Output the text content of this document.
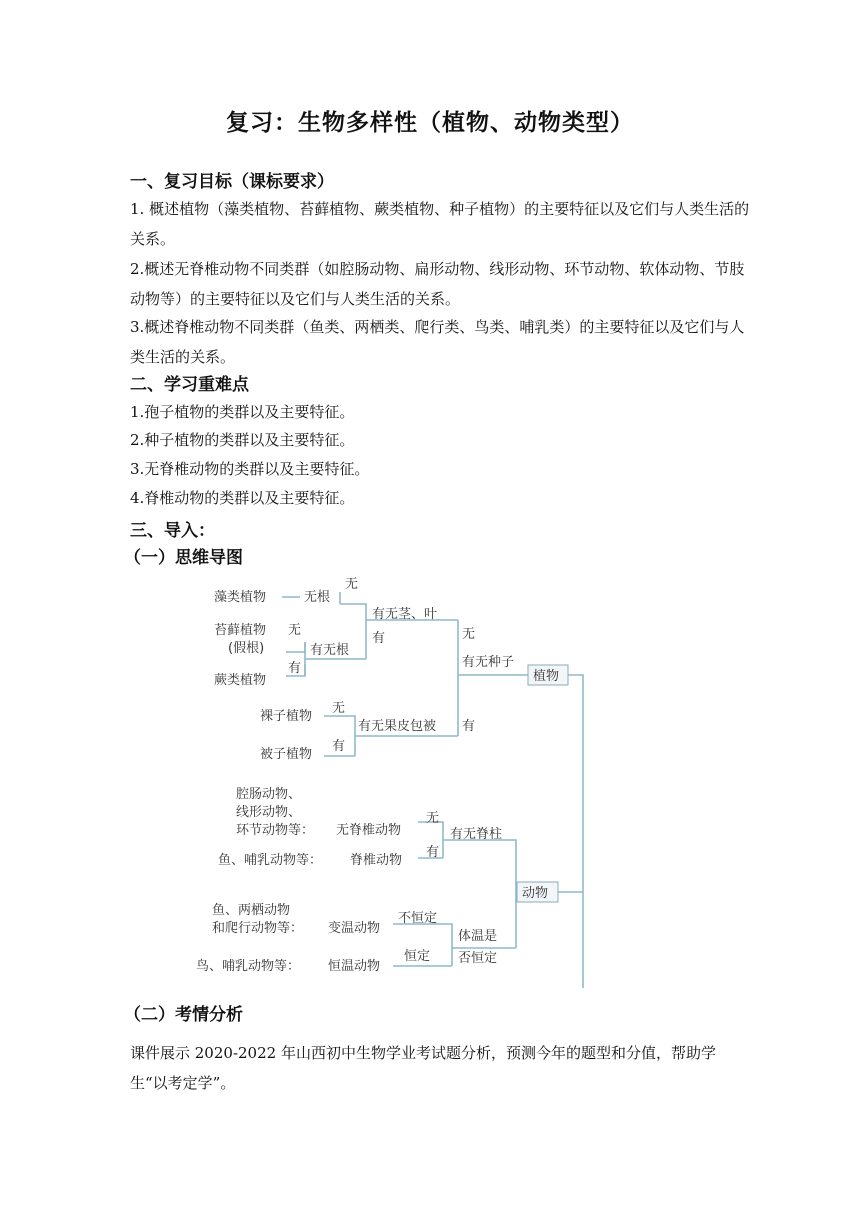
复习：生物多样性（植物、动物类型）
一、复习目标（课标要求）
1. 概述植物（藻类植物、苔藓植物、蕨类植物、种子植物）的主要特征以及它们与人类生活的关系。
2.概述无脊椎动物不同类群（如腔肠动物、扁形动物、线形动物、环节动物、软体动物、节肢动物等）的主要特征以及它们与人类生活的关系。
3.概述脊椎动物不同类群（鱼类、两栖类、爬行类、鸟类、哺乳类）的主要特征以及它们与人类生活的关系。
二、学习重难点
1.孢子植物的类群以及主要特征。
2.种子植物的类群以及主要特征。
3.无脊椎动物的类群以及主要特征。
4.脊椎动物的类群以及主要特征。
三、导入：
（一）思维导图
藻类植物	无根
无
有无茎、叶
有
苔藓植物
(假根)
无
有无根
有
蕨类植物
无
有无种子
植物
裸子植物
无
有无果皮包被 有
有
被子植物
腔肠动物、
线形动物、
环节动物等： 无脊椎动物
无
有无脊柱
有
鱼、哺乳动物等： 脊椎动物
动物
鱼、两栖动物
和爬行动物等： 变温动物
不恒定
体温是
否恒定
恒定
鸟、哺乳动物等： 恒温动物
（二）考情分析
课件展示 2020-2022 年山西初中生物学业考试题分析，预测今年的题型和分值，帮助学生“以考定学”。
